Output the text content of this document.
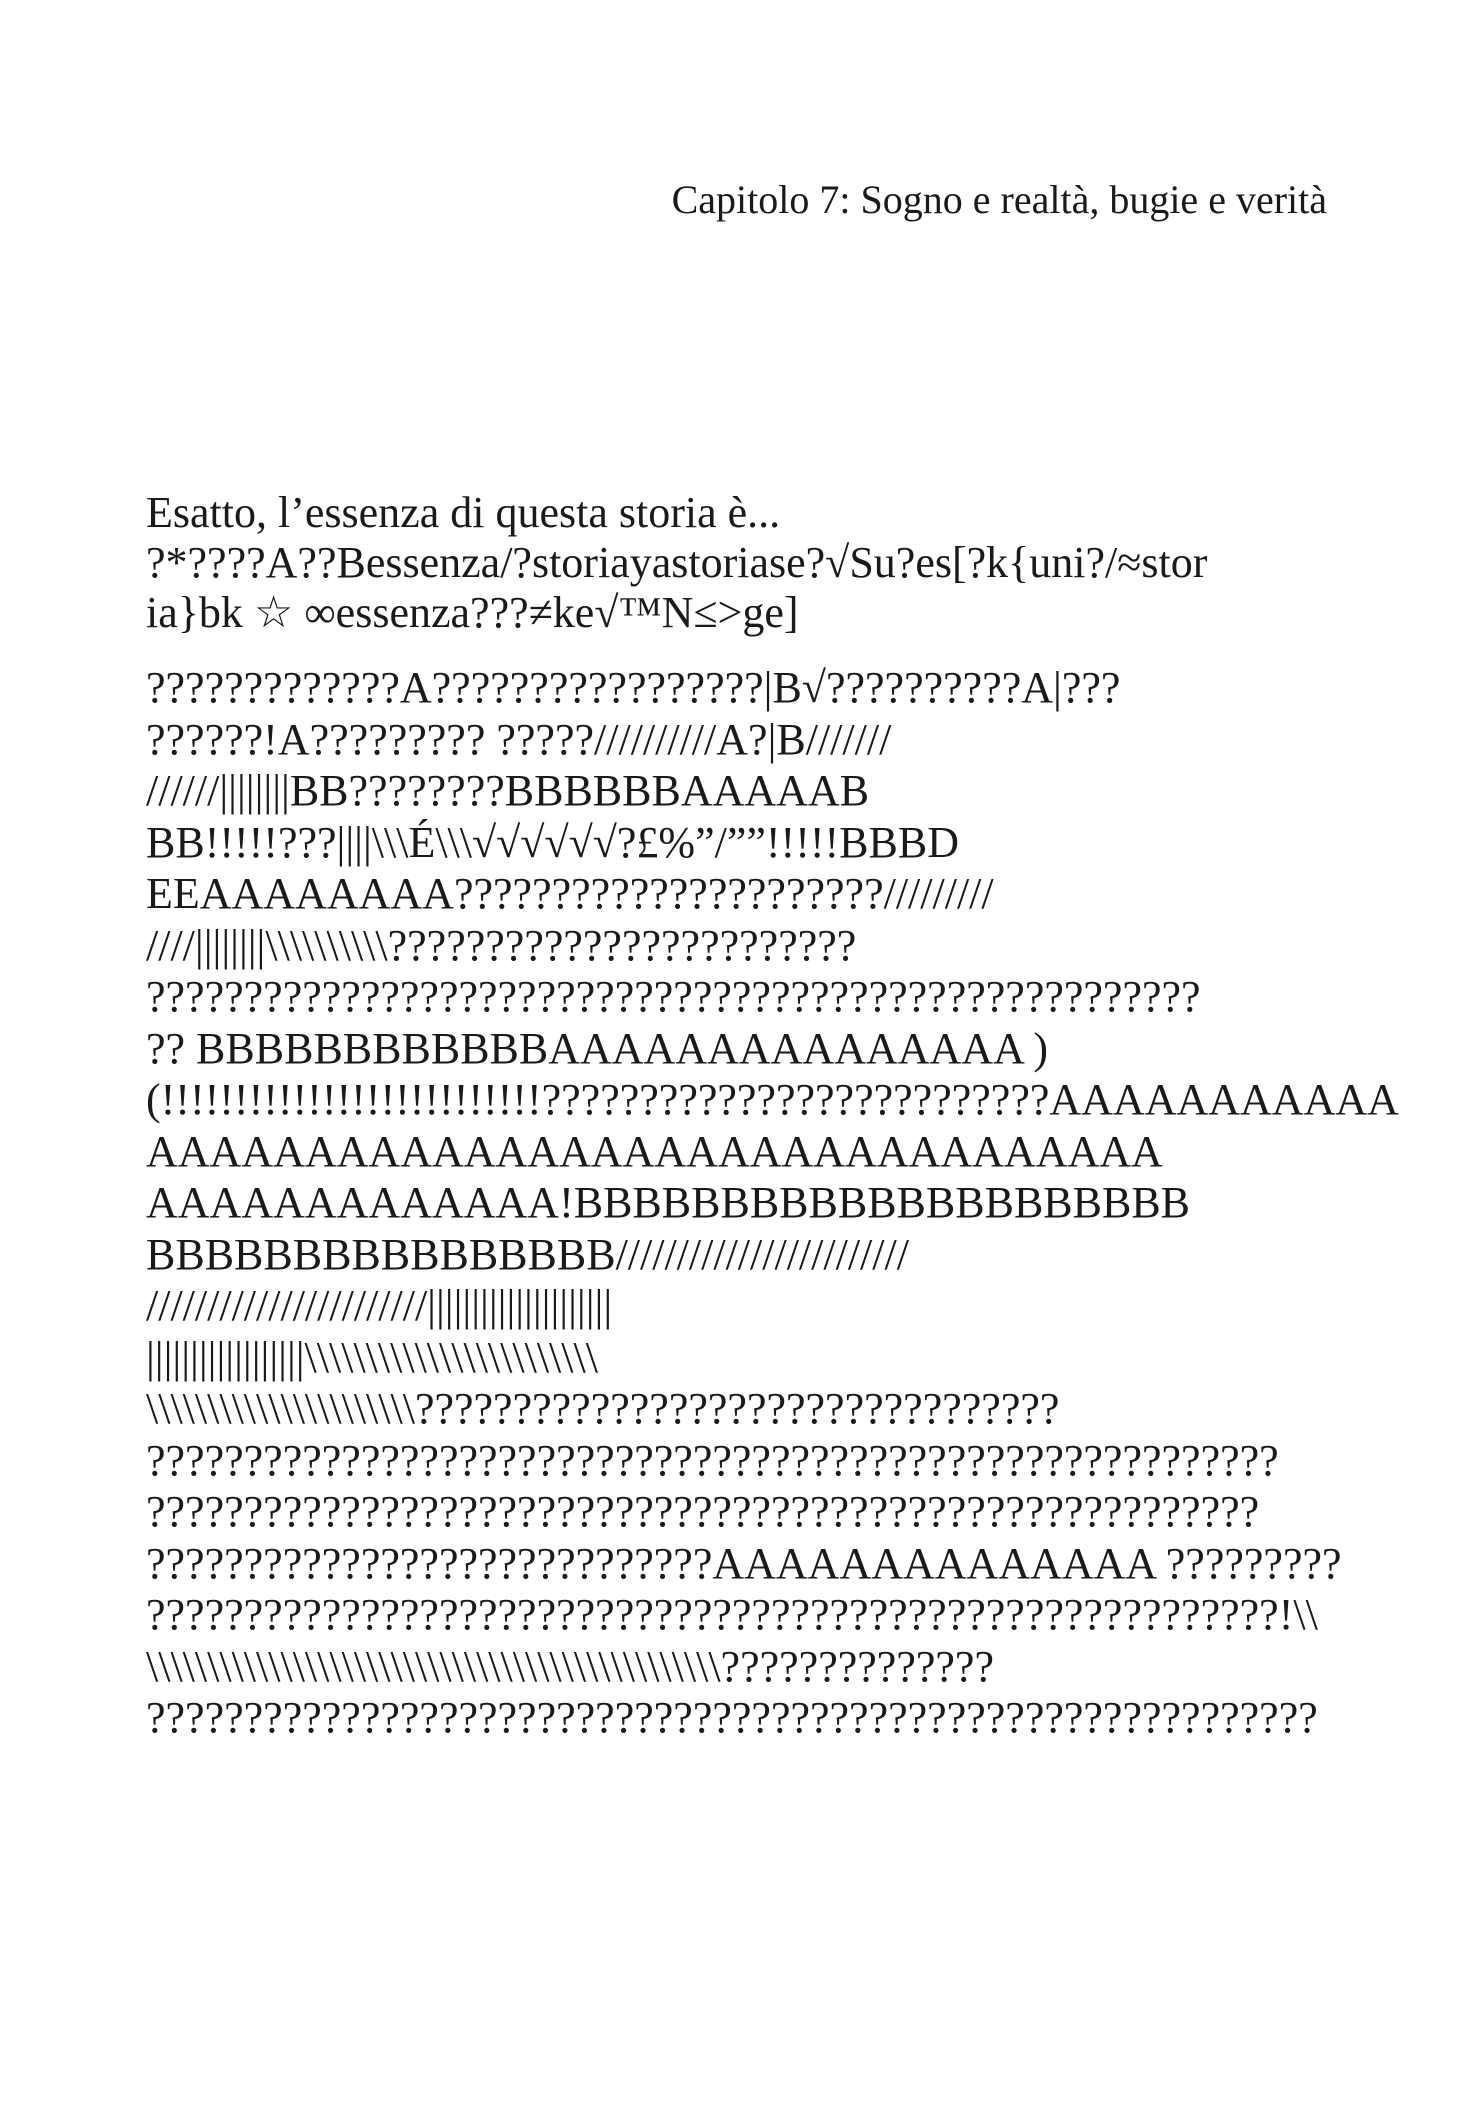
Capitolo 7: Sogno e realtà, bugie e verità

Esatto, l’essenza di questa storia è...
?*????A??Bessenza/?storiayastoriase?√Su?es[?k{uni?/≈stor
ia}bk ☆ ∞essenza???≠ke√™N≤>ge]

?????????????A?????????????????|B√??????????A|???
??????!A????????? ?????//////////A?|B///////
//////||||||||BB????????BBBBBBAAAAAB
BB!!!!!???||||\\\É\\\√√√√√√?£%”/””!!!!!BBBD
EEAAAAAAAA??????????????????????/////////
////||||||||\\\\\\\\\\????????????????????????
??????????????????????????????????????????????????????
?? BBBBBBBBBBBBAAAAAAAAAAAAAAA )
(!!!!!!!!!!!!!!!!!!!!!!!!!!??????????????????????????AAAAAAAAAAA
AAAAAAAAAAAAAAAAAAAAAAAAAAAAAAAA
AAAAAAAAAAAAA!BBBBBBBBBBBBBBBBBBBBB
BBBBBBBBBBBBBBBB////////////////////////
///////////////////////|||||||||||||||||||||
||||||||||||||||||\\\\\\\\\\\\\\\\\\\\\\\\
\\\\\\\\\\\\\\\\\\\\\\?????????????????????????????????
??????????????????????????????????????????????????????????
?????????????????????????????????????????????????????????
?????????????????????????????AAAAAAAAAAAAAA ?????????
??????????????????????????????????????????????????????????!\\
\\\\\\\\\\\\\\\\\\\\\\\\\\\\\\\\\\\\\\\\\\\\\\\??????????????
????????????????????????????????????????????????????????????
